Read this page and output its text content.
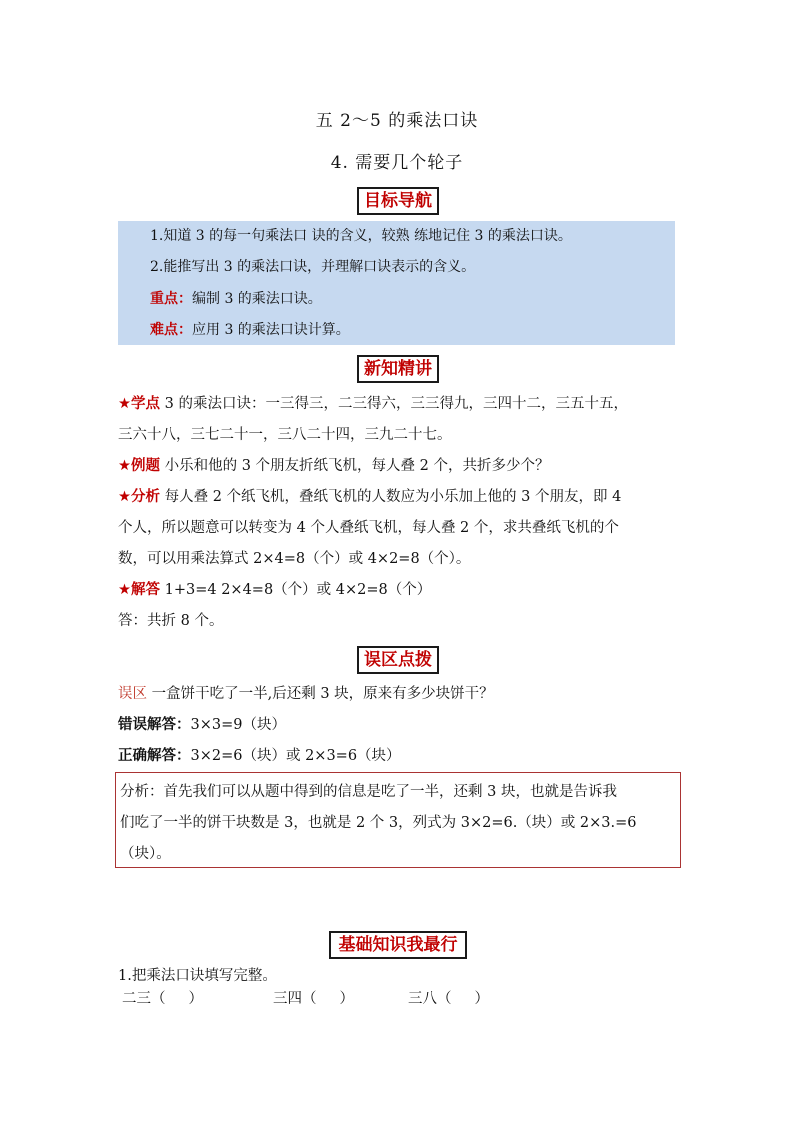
五 2～5 的乘法口诀
4. 需要几个轮子
目标导航
1.知道 3 的每一句乘法口 诀的含义，较熟 练地记住 3 的乘法口诀。
2.能推写出 3 的乘法口诀，并理解口诀表示的含义。
重点：编制 3 的乘法口诀。
难点：应用 3 的乘法口诀计算。
新知精讲
★学点 3 的乘法口诀：一三得三，二三得六，三三得九，三四十二，三五十五，
三六十八，三七二十一，三八二十四，三九二十七。
★例题 小乐和他的 3 个朋友折纸飞机，每人叠 2 个，共折多少个？
★分析 每人叠 2 个纸飞机，叠纸飞机的人数应为小乐加上他的 3 个朋友，即 4
个人，所以题意可以转变为 4 个人叠纸飞机，每人叠 2 个，求共叠纸飞机的个
数，可以用乘法算式 2×4=8（个）或 4×2=8（个）。
★解答 1+3=4 2×4=8（个）或 4×2=8（个）
答：共折 8 个。
误区点拨
误区 一盒饼干吃了一半,后还剩 3 块，原来有多少块饼干？
错误解答：3×3=9（块）
正确解答：3×2=6（块）或 2×3=6（块）
分析：首先我们可以从题中得到的信息是吃了一半，还剩 3 块，也就是告诉我
们吃了一半的饼干块数是 3，也就是 2 个 3，列式为 3×2=6.（块）或 2×3.=6
（块）。
基础知识我最行
1.把乘法口诀填写完整。
二三（     ）	三四（     ）	三八（     ）
